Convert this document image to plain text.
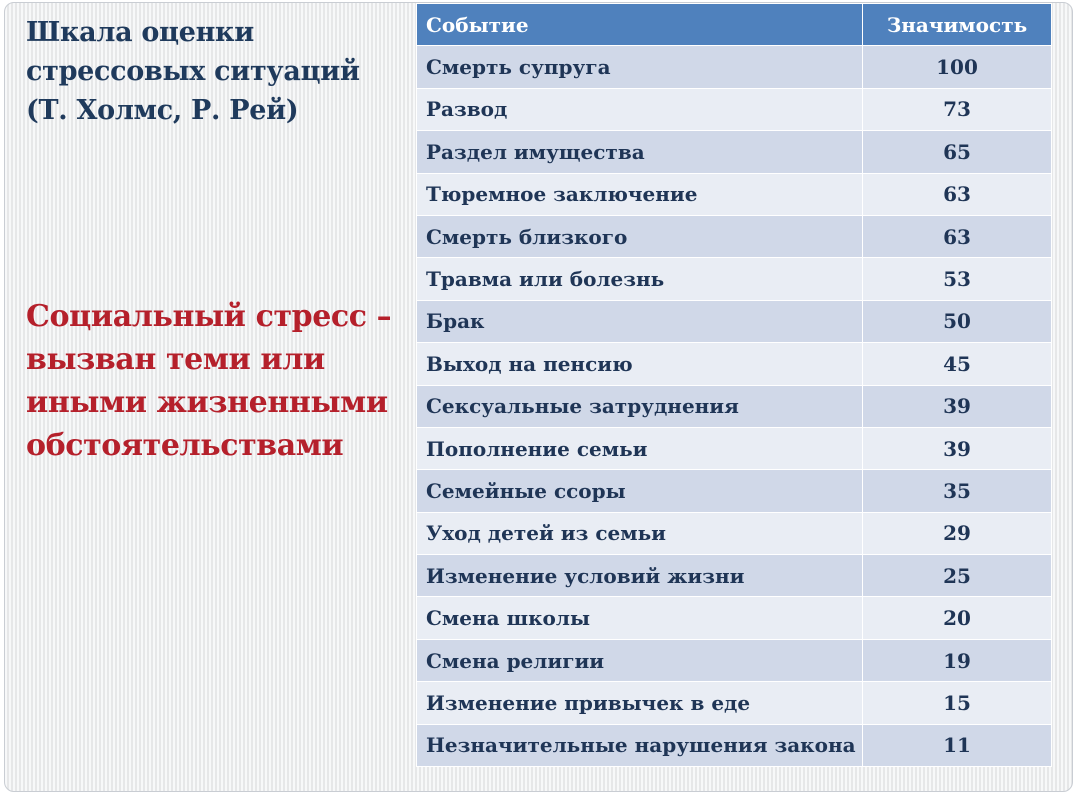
Шкала оценки стрессовых ситуаций (Т. Холмс, Р. Рей)

Социальный стресс – вызван теми или иными жизненными обстоятельствами

Событие	Значимость
Смерть супруга	100
Развод	73
Раздел имущества	65
Тюремное заключение	63
Смерть близкого	63
Травма или болезнь	53
Брак	50
Выход на пенсию	45
Сексуальные затруднения	39
Пополнение семьи	39
Семейные ссоры	35
Уход детей из семьи	29
Изменение условий жизни	25
Смена школы	20
Смена религии	19
Изменение привычек в еде	15
Незначительные нарушения закона	11
